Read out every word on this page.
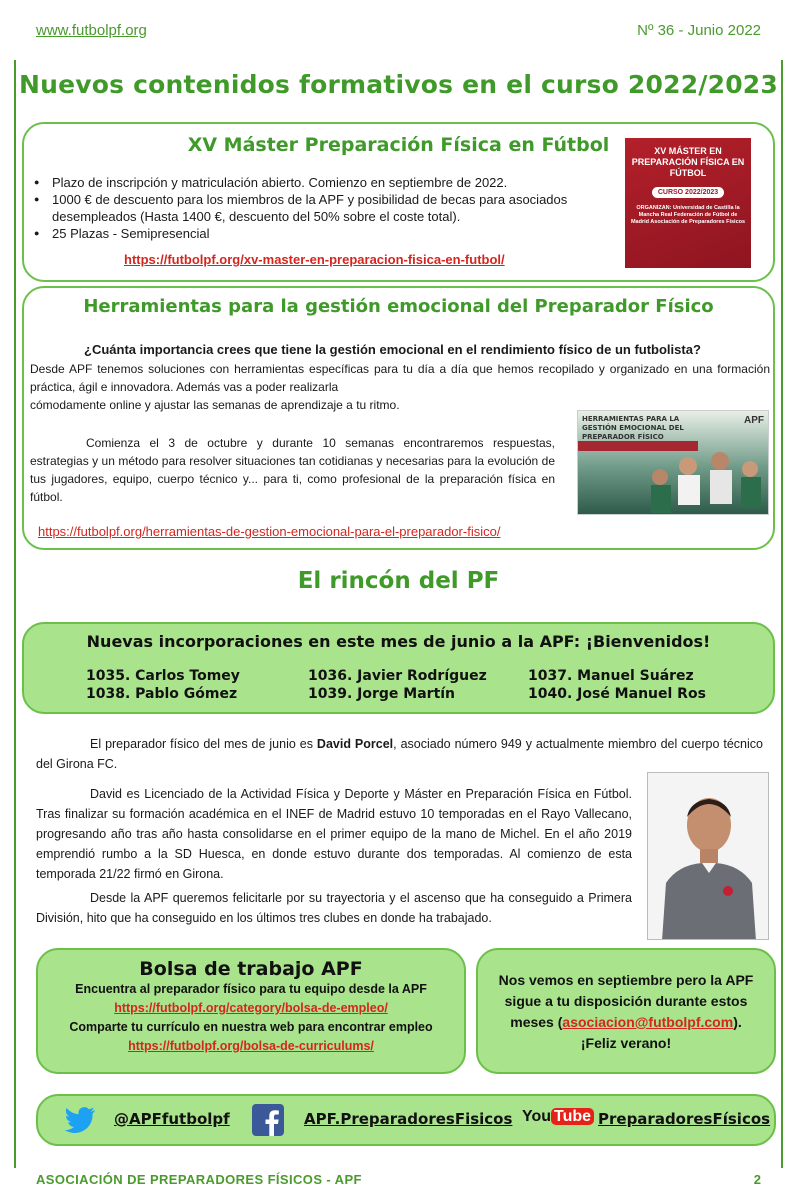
www.futbolpf.org	Nº 36 - Junio 2022
Nuevos contenidos formativos en el curso 2022/2023
XV Máster Preparación Física en Fútbol
● Plazo de inscripción y matriculación abierto. Comienzo en septiembre de 2022.
● 1000 € de descuento para los miembros de la APF y posibilidad de becas para asociados desempleados (Hasta 1400 €, descuento del 50% sobre el coste total).
● 25 Plazas - Semipresencial
https://futbolpf.org/xv-master-en-preparacion-fisica-en-futbol/
XV MÁSTER EN PREPARACIÓN FÍSICA EN FÚTBOL
CURSO 2022/2023
ORGANIZAN: Universidad de Castilla la Mancha Real Federación de Fútbol de Madrid Asociación de Preparadores Físicos
Herramientas para la gestión emocional del Preparador Físico
¿Cuánta importancia crees que tiene la gestión emocional en el rendimiento físico de un futbolista?
Desde APF tenemos soluciones con herramientas específicas para tu día a día que hemos recopilado y organizado en una formación práctica, ágil e innovadora. Además vas a poder realizarla
cómodamente online y ajustar las semanas de aprendizaje a tu ritmo.
Comienza el 3 de octubre y durante 10 semanas encontraremos respuestas, estrategias y un método para resolver situaciones tan cotidianas y necesarias para la evolución de tus jugadores, equipo, cuerpo técnico y... para ti, como profesional de la preparación física en fútbol.
https://futbolpf.org/herramientas-de-gestion-emocional-para-el-preparador-fisico/
HERRAMIENTAS PARA LA GESTIÓN EMOCIONAL DEL PREPARADOR FÍSICO
APF
El rincón del PF
Nuevas incorporaciones en este mes de junio a la APF: ¡Bienvenidos!
1035. Carlos Tomey	1036. Javier Rodríguez	1037. Manuel Suárez
1038. Pablo Gómez	1039. Jorge Martín	1040. José Manuel Ros
El preparador físico del mes de junio es David Porcel, asociado número 949 y actualmente miembro del cuerpo técnico del Girona FC.
David es Licenciado de la Actividad Física y Deporte y Máster en Preparación Física en Fútbol. Tras finalizar su formación académica en el INEF de Madrid estuvo 10 temporadas en el Rayo Vallecano, progresando año tras año hasta consolidarse en el primer equipo de la mano de Michel. En el año 2019 emprendió rumbo a la SD Huesca, en donde estuvo durante dos temporadas. Al comienzo de esta temporada 21/22 firmó en Girona.
Desde la APF queremos felicitarle por su trayectoria y el ascenso que ha conseguido a Primera División, hito que ha conseguido en los últimos tres clubes en donde ha trabajado.
Bolsa de trabajo APF
Encuentra al preparador físico para tu equipo desde la APF
https://futbolpf.org/category/bolsa-de-empleo/
Comparte tu currículo en nuestra web para encontrar empleo
https://futbolpf.org/bolsa-de-curriculums/
Nos vemos en septiembre pero la APF
sigue a tu disposición durante estos
meses (asociacion@futbolpf.com).
¡Feliz verano!
@APFfutbolpf	APF.PreparadoresFisicos You Tube PreparadoresFísicos
ASOCIACIÓN DE PREPARADORES FÍSICOS - APF	2
